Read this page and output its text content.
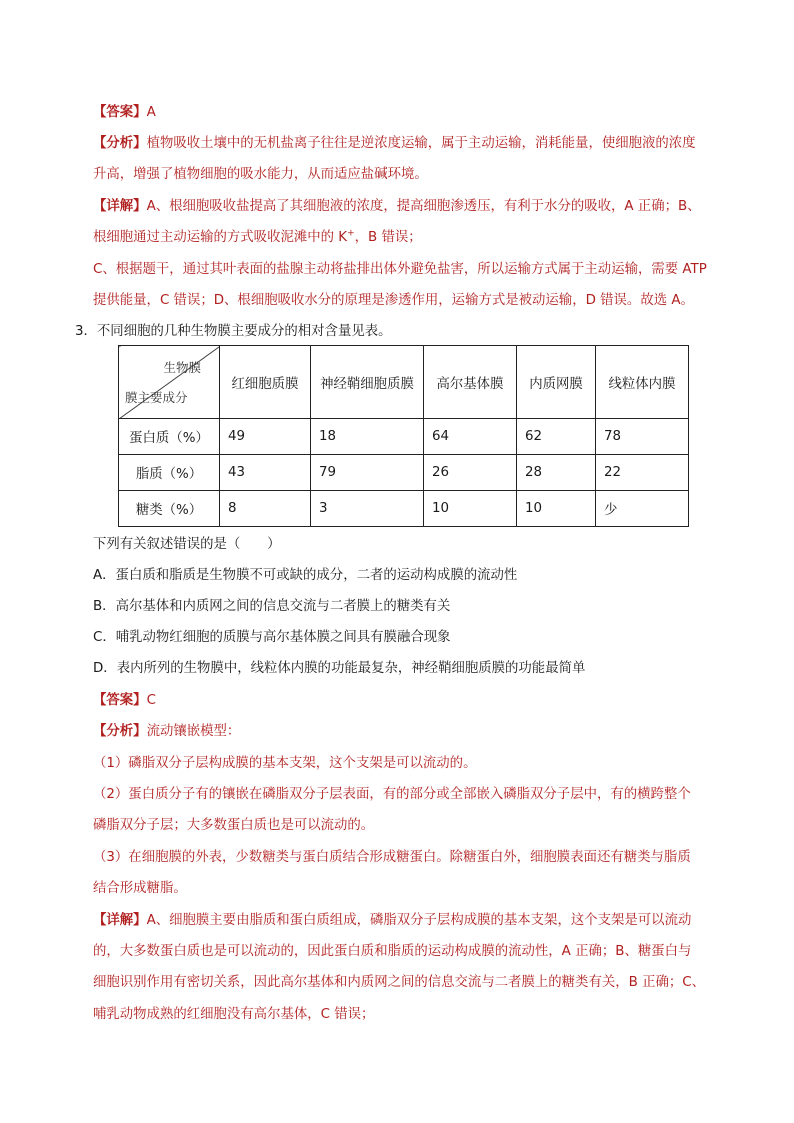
【答案】A
【分析】植物吸收土壤中的无机盐离子往往是逆浓度运输，属于主动运输，消耗能量，使细胞液的浓度
升高，增强了植物细胞的吸水能力，从而适应盐碱环境。
【详解】A、根细胞吸收盐提高了其细胞液的浓度，提高细胞渗透压，有利于水分的吸收，A 正确；B、
根细胞通过主动运输的方式吸收泥滩中的 K+，B 错误；
C、根据题干，通过其叶表面的盐腺主动将盐排出体外避免盐害，所以运输方式属于主动运输，需要 ATP
提供能量，C 错误；D、根细胞吸收水分的原理是渗透作用，运输方式是被动运输，D 错误。故选 A。
3．不同细胞的几种生物膜主要成分的相对含量见表。
生物膜
膜主要成分	红细胞质膜	神经鞘细胞质膜	高尔基体膜	内质网膜	线粒体内膜
蛋白质（%）	49	18	64	62	78
脂质（%）	43	79	26	28	22
糖类（%）	8	3	10	10	少
下列有关叙述错误的是（　　）
A．蛋白质和脂质是生物膜不可或缺的成分，二者的运动构成膜的流动性
B．高尔基体和内质网之间的信息交流与二者膜上的糖类有关
C．哺乳动物红细胞的质膜与高尔基体膜之间具有膜融合现象
D．表内所列的生物膜中，线粒体内膜的功能最复杂，神经鞘细胞质膜的功能最简单
【答案】C
【分析】流动镶嵌模型：
（1）磷脂双分子层构成膜的基本支架，这个支架是可以流动的。
（2）蛋白质分子有的镶嵌在磷脂双分子层表面，有的部分或全部嵌入磷脂双分子层中，有的横跨整个
磷脂双分子层；大多数蛋白质也是可以流动的。
（3）在细胞膜的外表，少数糖类与蛋白质结合形成糖蛋白。除糖蛋白外，细胞膜表面还有糖类与脂质
结合形成糖脂。
【详解】A、细胞膜主要由脂质和蛋白质组成，磷脂双分子层构成膜的基本支架，这个支架是可以流动
的，大多数蛋白质也是可以流动的，因此蛋白质和脂质的运动构成膜的流动性，A 正确；B、糖蛋白与
细胞识别作用有密切关系，因此高尔基体和内质网之间的信息交流与二者膜上的糖类有关，B 正确；C、
哺乳动物成熟的红细胞没有高尔基体，C 错误；
